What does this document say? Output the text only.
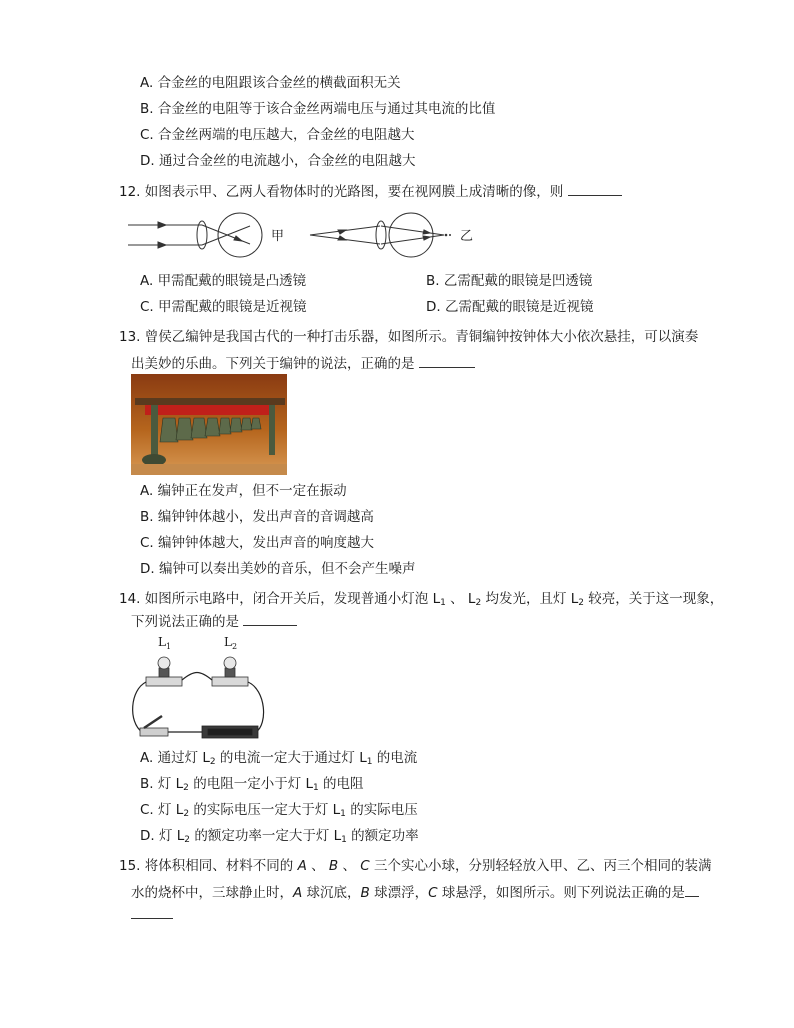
A. 合金丝的电阻跟该合金丝的横截面积无关
B. 合金丝的电阻等于该合金丝两端电压与通过其电流的比值
C. 合金丝两端的电压越大，合金丝的电阻越大
D. 通过合金丝的电流越小，合金丝的电阻越大
12. 如图表示甲、乙两人看物体时的光路图，要在视网膜上成清晰的像，则
甲	乙
A. 甲需配戴的眼镜是凸透镜	B. 乙需配戴的眼镜是凹透镜
C. 甲需配戴的眼镜是近视镜	D. 乙需配戴的眼镜是近视镜
13. 曾侯乙编钟是我国古代的一种打击乐器，如图所示。青铜编钟按钟体大小依次悬挂，可以演奏
出美妙的乐曲。下列关于编钟的说法，正确的是
A. 编钟正在发声，但不一定在振动
B. 编钟钟体越小，发出声音的音调越高
C. 编钟钟体越大，发出声音的响度越大
D. 编钟可以奏出美妙的音乐，但不会产生噪声
14. 如图所示电路中，闭合开关后，发现普通小灯泡 $L_1$ 、 $L_2$ 均发光，且灯 $L_2$ 较亮，关于这一现象，
下列说法正确的是
$L_1$	$L_2$
A. 通过灯 $L_2$ 的电流一定大于通过灯 $L_1$ 的电流
B. 灯 $L_2$ 的电阻一定小于灯 $L_1$ 的电阻
C. 灯 $L_2$ 的实际电压一定大于灯 $L_1$ 的实际电压
D. 灯 $L_2$ 的额定功率一定大于灯 $L_1$ 的额定功率
15. 将体积相同、材料不同的 A 、 B 、 C 三个实心小球，分别轻轻放入甲、乙、丙三个相同的装满
水的烧杯中，三球静止时，A 球沉底，B 球漂浮，C 球悬浮，如图所示。则下列说法正确的是
